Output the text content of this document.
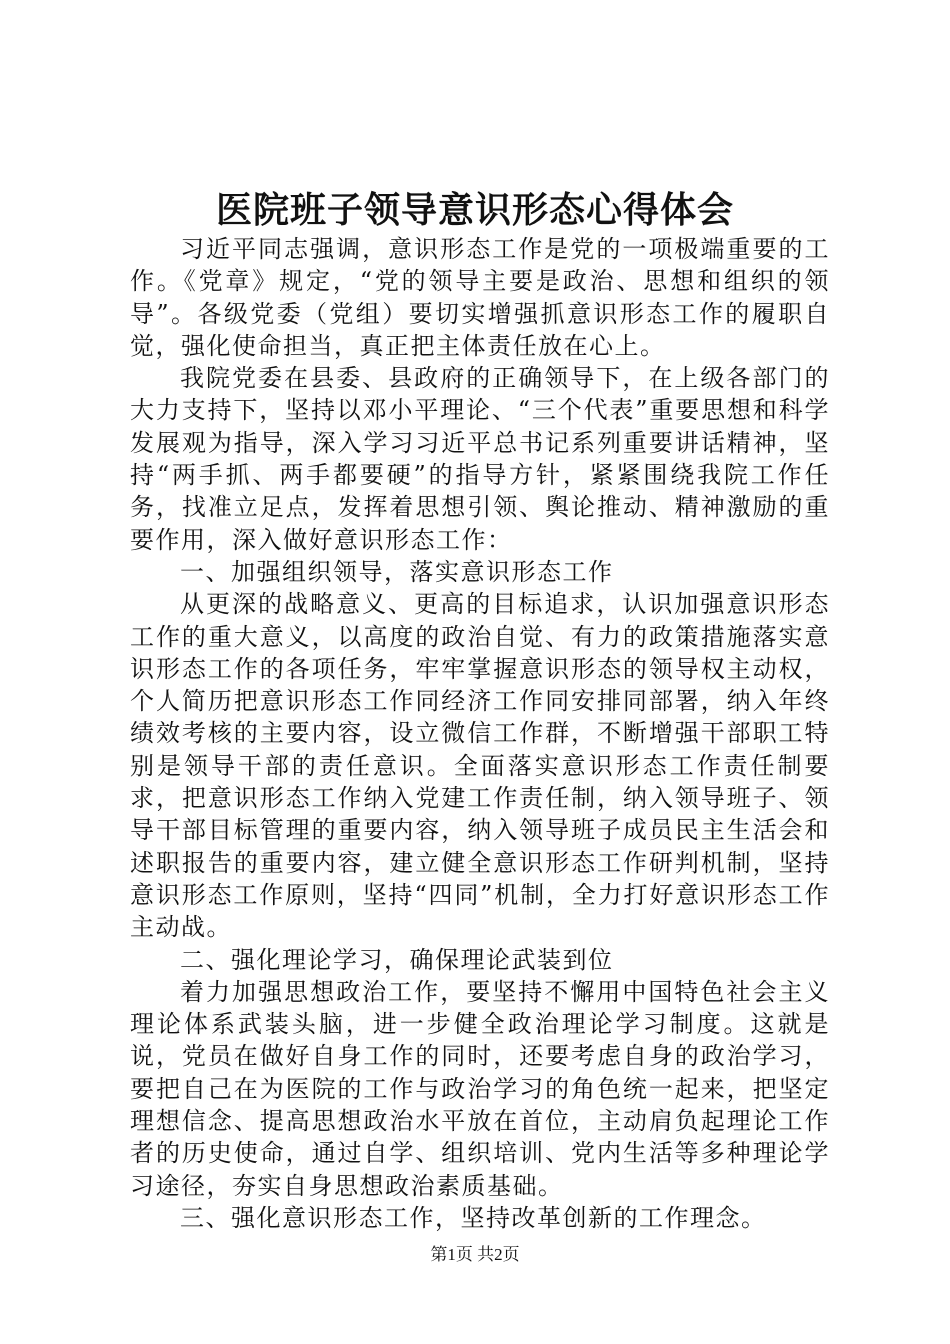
医院班子领导意识形态心得体会

习近平同志强调，意识形态工作是党的一项极端重要的工作。《党章》规定，“党的领导主要是政治、思想和组织的领导”。各级党委（党组）要切实增强抓意识形态工作的履职自觉，强化使命担当，真正把主体责任放在心上。

我院党委在县委、县政府的正确领导下，在上级各部门的大力支持下，坚持以邓小平理论、“三个代表”重要思想和科学发展观为指导，深入学习习近平总书记系列重要讲话精神，坚持“两手抓、两手都要硬”的指导方针，紧紧围绕我院工作任务，找准立足点，发挥着思想引领、舆论推动、精神激励的重要作用，深入做好意识形态工作：

一、加强组织领导，落实意识形态工作

从更深的战略意义、更高的目标追求，认识加强意识形态工作的重大意义，以高度的政治自觉、有力的政策措施落实意识形态工作的各项任务，牢牢掌握意识形态的领导权主动权，个人简历把意识形态工作同经济工作同安排同部署，纳入年终绩效考核的主要内容，设立微信工作群，不断增强干部职工特别是领导干部的责任意识。全面落实意识形态工作责任制要求，把意识形态工作纳入党建工作责任制，纳入领导班子、领导干部目标管理的重要内容，纳入领导班子成员民主生活会和述职报告的重要内容，建立健全意识形态工作研判机制，坚持意识形态工作原则，坚持“四同”机制，全力打好意识形态工作主动战。

二、强化理论学习，确保理论武装到位

着力加强思想政治工作，要坚持不懈用中国特色社会主义理论体系武装头脑，进一步健全政治理论学习制度。这就是说，党员在做好自身工作的同时，还要考虑自身的政治学习，要把自己在为医院的工作与政治学习的角色统一起来，把坚定理想信念、提高思想政治水平放在首位，主动肩负起理论工作者的历史使命，通过自学、组织培训、党内生活等多种理论学习途径，夯实自身思想政治素质基础。

三、强化意识形态工作，坚持改革创新的工作理念。

第1页 共2页
